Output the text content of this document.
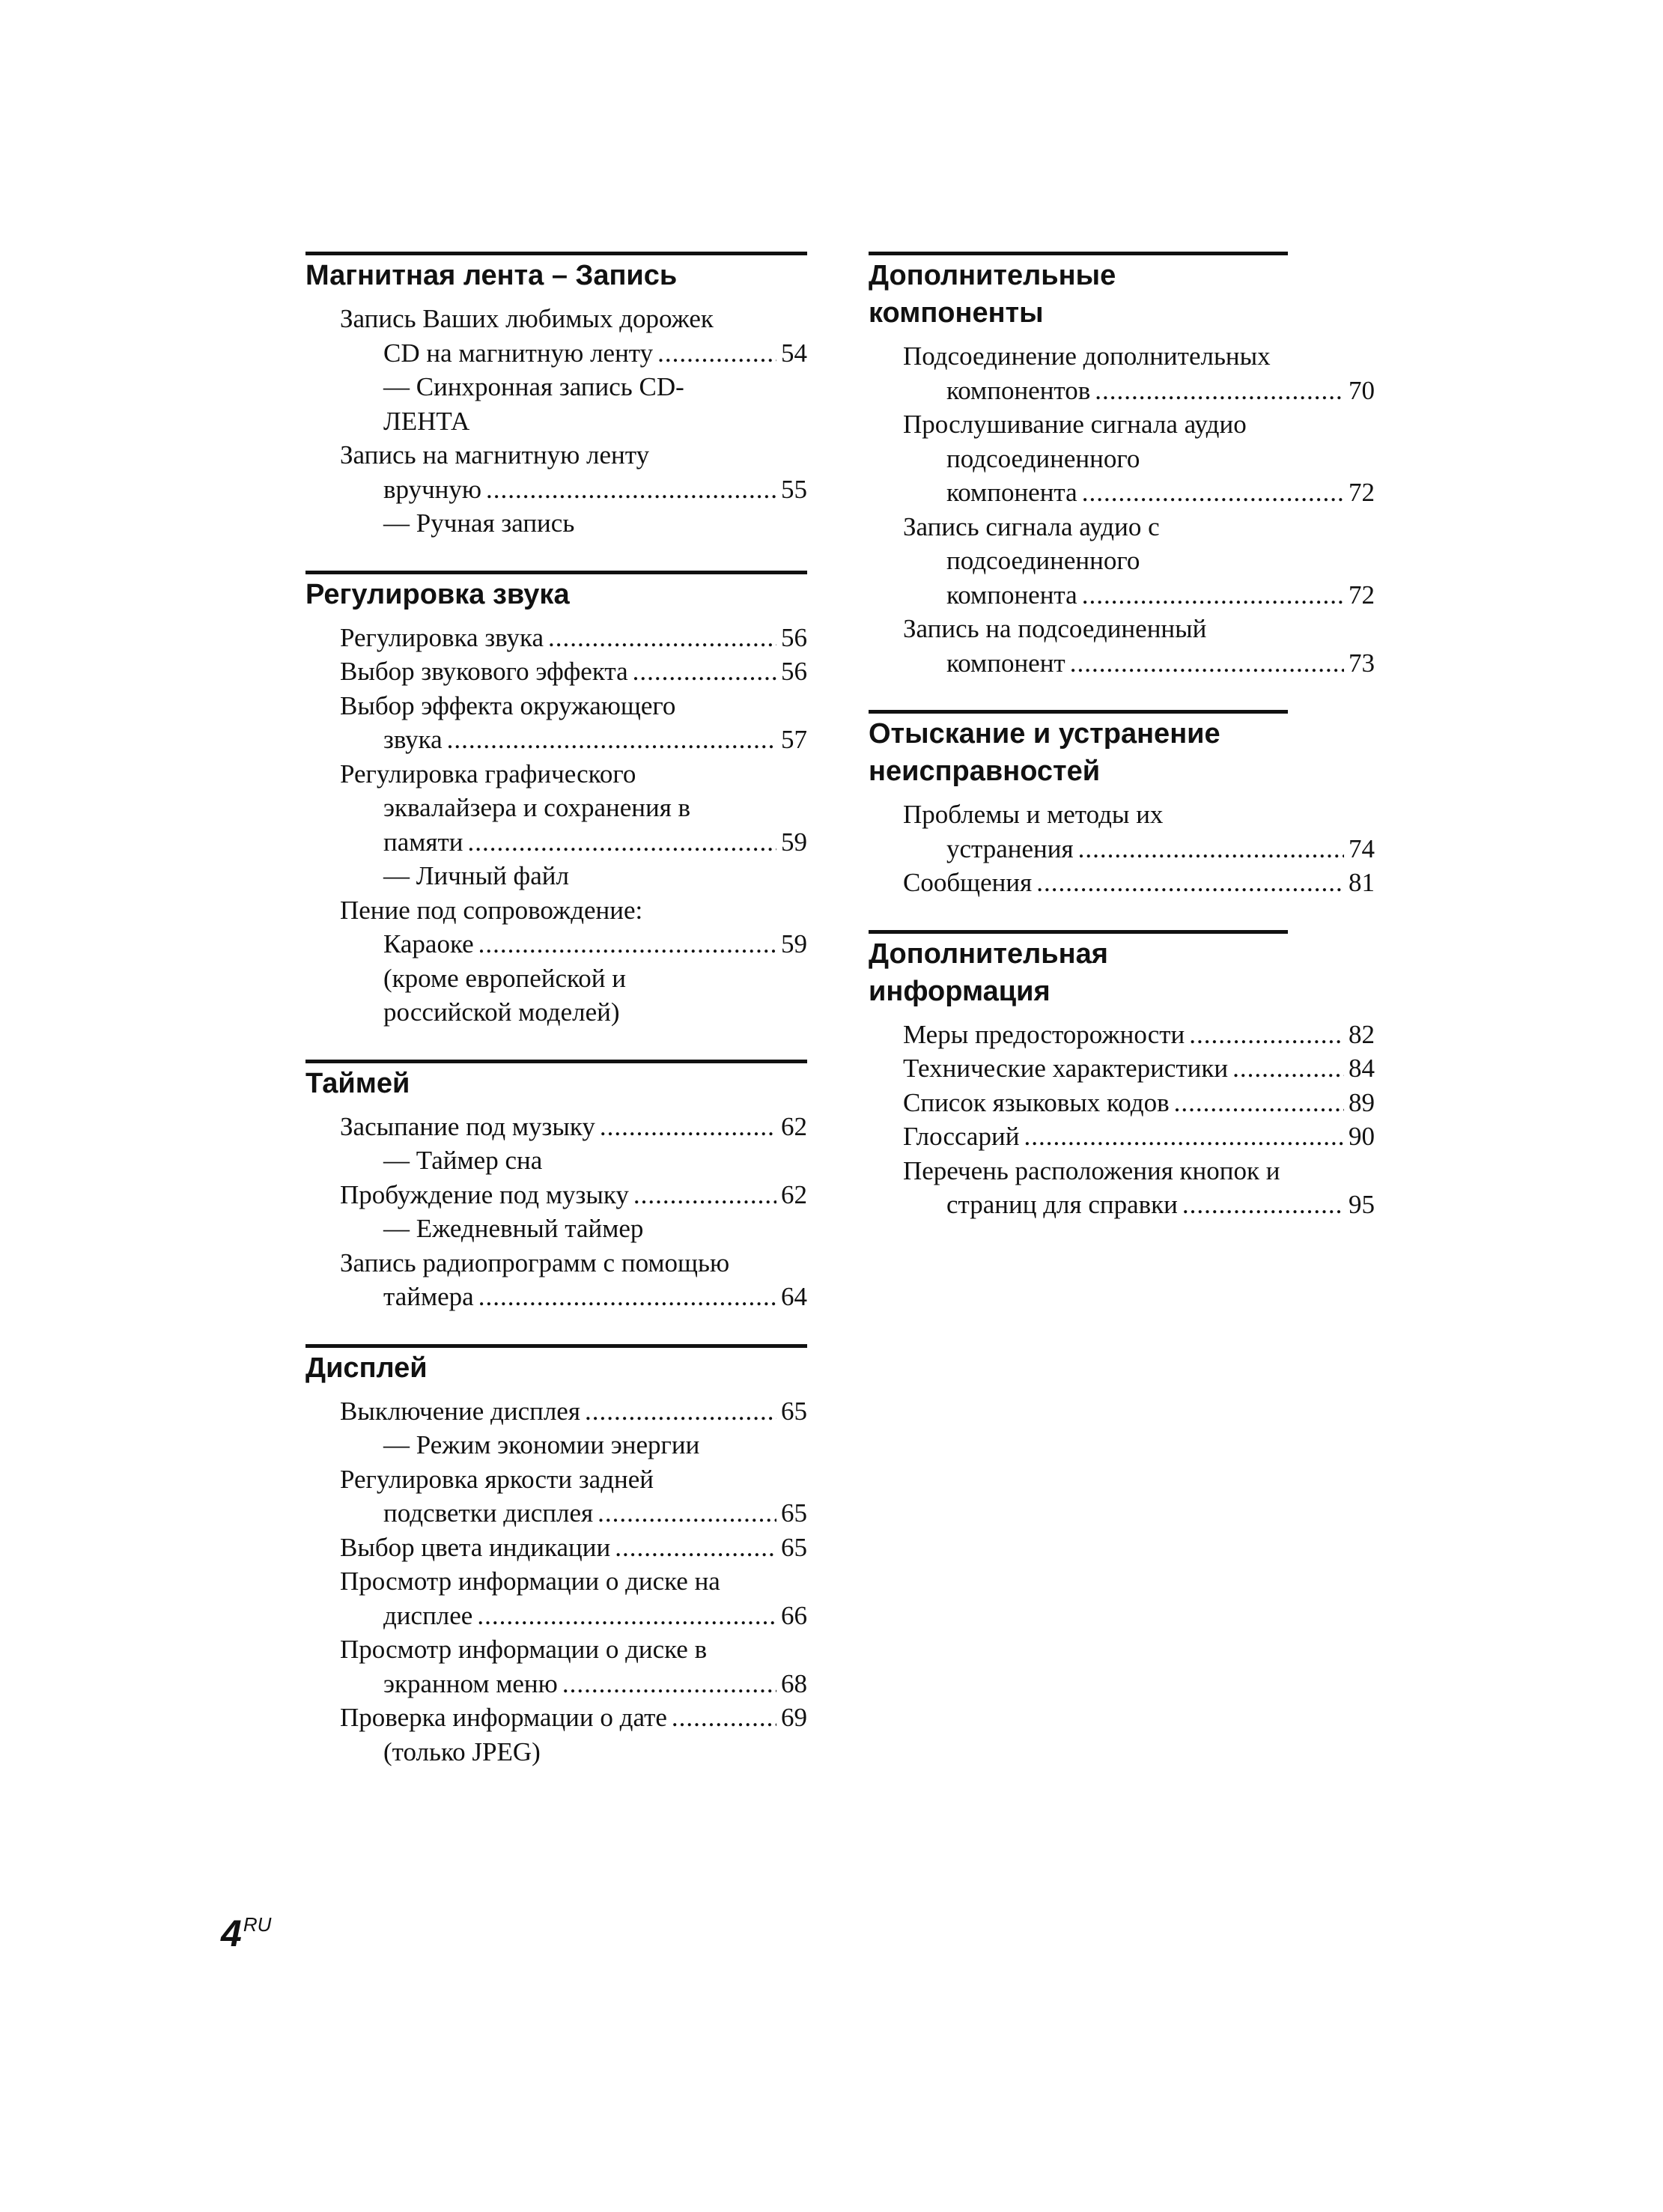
Магнитная лента – Запись
Запись Ваших любимых дорожек
CD на магнитную ленту .....	54
— Синхронная запись CD-
ЛЕНТА
Запись на магнитную ленту
вручную .....	55
— Ручная запись
Регулировка звука
Регулировка звука .....	56
Выбор звукового эффекта .....	56
Выбор эффекта окружающего
звука .....	57
Регулировка графического
эквалайзера и сохранения в
памяти .....	59
— Личный файл
Пение под сопровождение:
Караоке .....	59
(кроме европейской и
российской моделей)
Таймей
Засыпание под музыку .....	62
— Таймер сна
Пробуждение под музыку .....	62
— Ежедневный таймер
Запись радиопрограмм с помощью
таймера .....	64
Дисплей
Выключение дисплея .....	65
— Режим экономии энергии
Регулировка яркости задней
подсветки дисплея .....	65
Выбор цвета индикации .....	65
Просмотр информации о диске на
дисплее .....	66
Просмотр информации о диске в
экранном меню .....	68
Проверка информации о дате .....	69
(только JPEG)
Дополнительные компоненты
Подсоединение дополнительных
компонентов .....	70
Прослушивание сигнала аудио
подсоединенного
компонента .....	72
Запись сигнала аудио с
подсоединенного
компонента .....	72
Запись на подсоединенный
компонент .....	73
Отыскание и устранение неисправностей
Проблемы и методы их
устранения .....	74
Сообщения .....	81
Дополнительная информация
Меры предосторожности .....	82
Технические характеристики .....	84
Список языковых кодов .....	89
Глоссарий .....	90
Перечень расположения кнопок и
страниц для справки .....	95
$4^{RU}$
